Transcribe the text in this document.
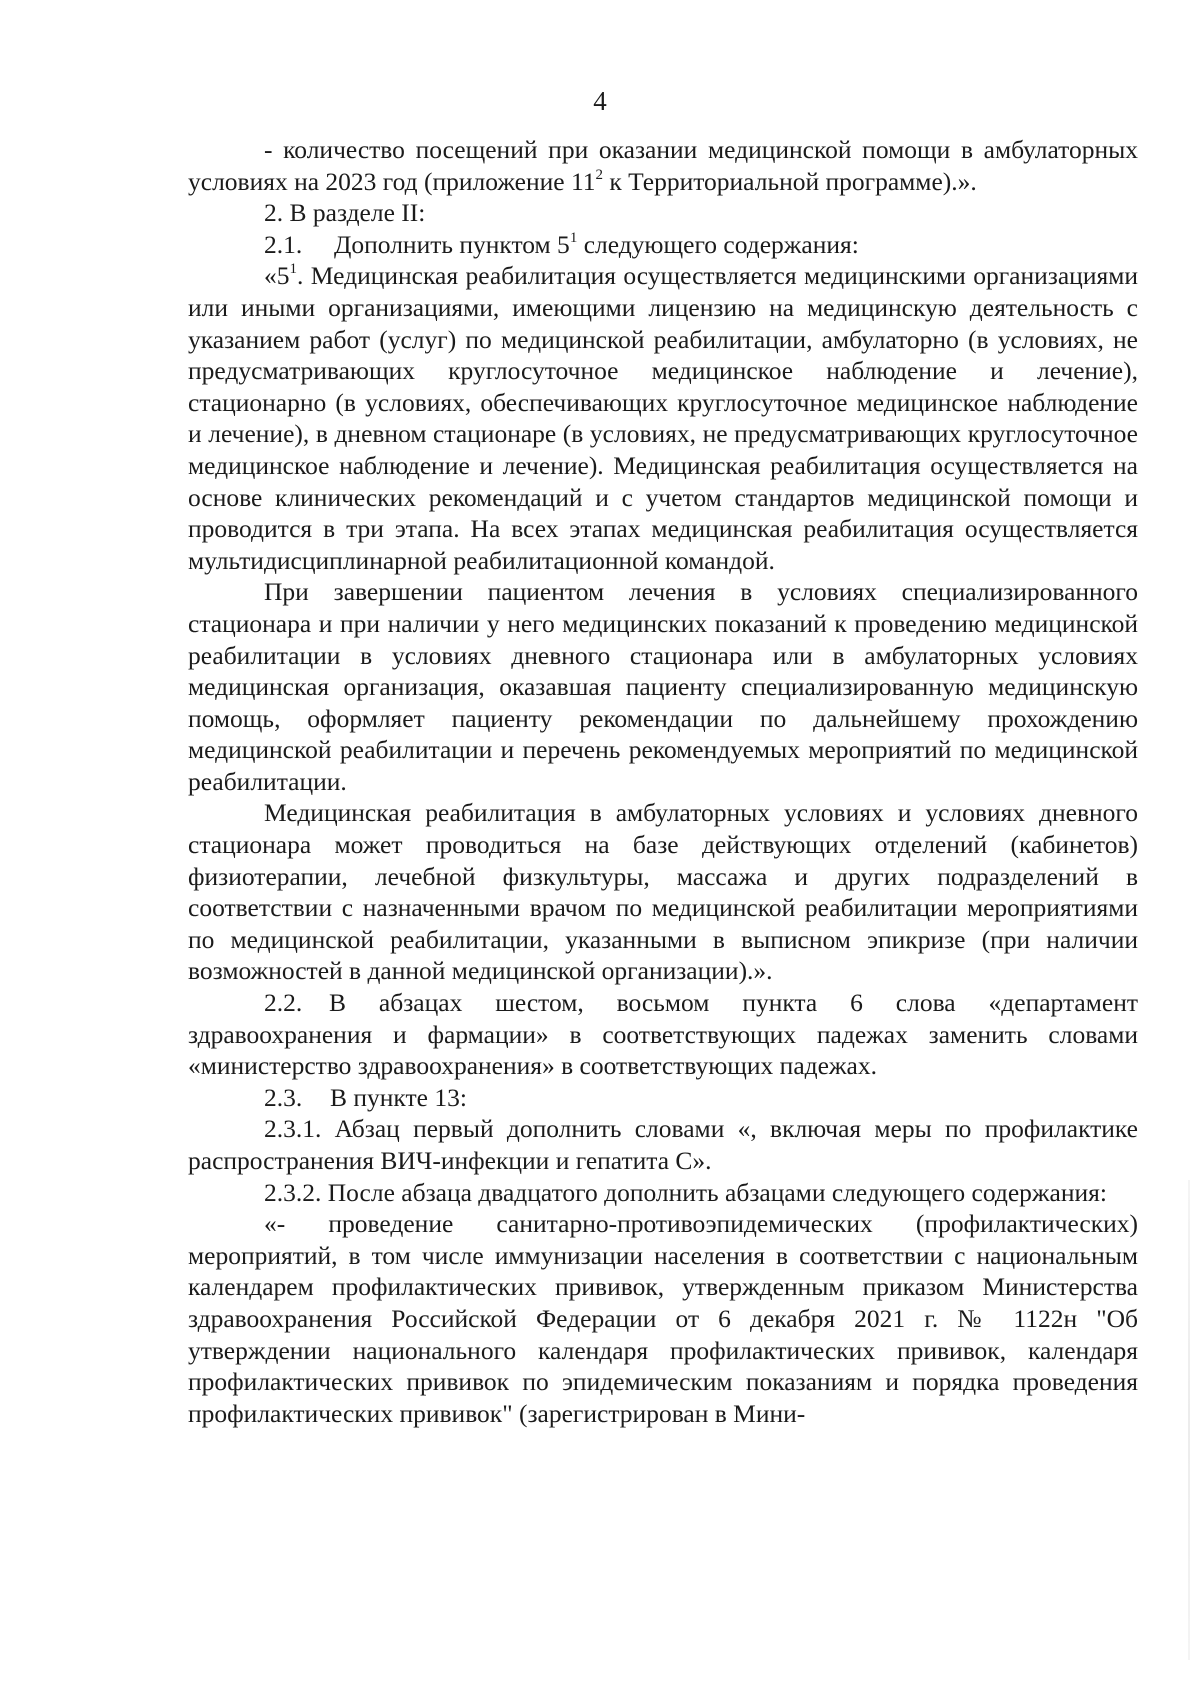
4

- количество посещений при оказании медицинской помощи в амбулаторных условиях на 2023 год (приложение $11^2$ к Территориальной программе).».

2. В разделе II:

2.1. Дополнить пунктом $5^1$ следующего содержания:

«$5^1$. Медицинская реабилитация осуществляется медицинскими организациями или иными организациями, имеющими лицензию на медицинскую деятельность с указанием работ (услуг) по медицинской реабилитации, амбулаторно (в условиях, не предусматривающих круглосуточное медицинское наблюдение и лечение), стационарно (в условиях, обеспечивающих круглосуточное медицинское наблюдение и лечение), в дневном стационаре (в условиях, не предусматривающих круглосуточное медицинское наблюдение и лечение). Медицинская реабилитация осуществляется на основе клинических рекомендаций и с учетом стандартов медицинской помощи и проводится в три этапа. На всех этапах медицинская реабилитация осуществляется мультидисциплинарной реабилитационной командой.

При завершении пациентом лечения в условиях специализированного стационара и при наличии у него медицинских показаний к проведению медицинской реабилитации в условиях дневного стационара или в амбулаторных условиях медицинская организация, оказавшая пациенту специализированную медицинскую помощь, оформляет пациенту рекомендации по дальнейшему прохождению медицинской реабилитации и перечень рекомендуемых мероприятий по медицинской реабилитации.

Медицинская реабилитация в амбулаторных условиях и условиях дневного стационара может проводиться на базе действующих отделений (кабинетов) физиотерапии, лечебной физкультуры, массажа и других подразделений в соответствии с назначенными врачом по медицинской реабилитации мероприятиями по медицинской реабилитации, указанными в выписном эпикризе (при наличии возможностей в данной медицинской организации).».

2.2. В абзацах шестом, восьмом пункта 6 слова «департамент здравоохранения и фармации» в соответствующих падежах заменить словами «министерство здравоохранения» в соответствующих падежах.

2.3. В пункте 13:

2.3.1. Абзац первый дополнить словами «, включая меры по профилактике распространения ВИЧ-инфекции и гепатита С».

2.3.2. После абзаца двадцатого дополнить абзацами следующего содержания:

«- проведение санитарно-противоэпидемических (профилактических) мероприятий, в том числе иммунизации населения в соответствии с национальным календарем профилактических прививок, утвержденным приказом Министерства здравоохранения Российской Федерации от 6 декабря 2021 г. № 1122н "Об утверждении национального календаря профилактических прививок, календаря профилактических прививок по эпидемическим показаниям и порядка проведения профилактических прививок" (зарегистрирован в Мини-
